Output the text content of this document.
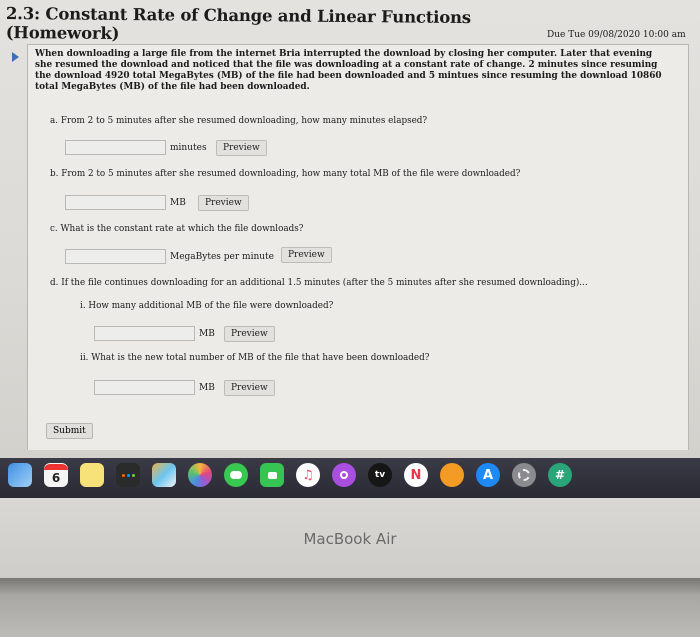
2.3: Constant Rate of Change and Linear Functions (Homework)	Due Tue 09/08/2020 10:00 am
When downloading a large file from the internet Bria interrupted the download by closing her computer. Later that evening she resumed the download and noticed that the file was downloading at a constant rate of change. 2 minutes since resuming the download 4920 total MegaBytes (MB) of the file had been downloaded and 5 mintues since resuming the download 10860 total MegaBytes (MB) of the file had been downloaded.
a. From 2 to 5 minutes after she resumed downloading, how many minutes elapsed?
minutes	Preview
b. From 2 to 5 minutes after she resumed downloading, how many total MB of the file were downloaded?
MB	Preview
c. What is the constant rate at which the file downloads?
MegaBytes per minute	Preview
d. If the file continues downloading for an additional 1.5 minutes (after the 5 minutes after she resumed downloading)...
i. How many additional MB of the file were downloaded?
MB	Preview
ii. What is the new total number of MB of the file that have been downloaded?
MB	Preview
Submit
6	♫	tv N	A	#
MacBook Air
